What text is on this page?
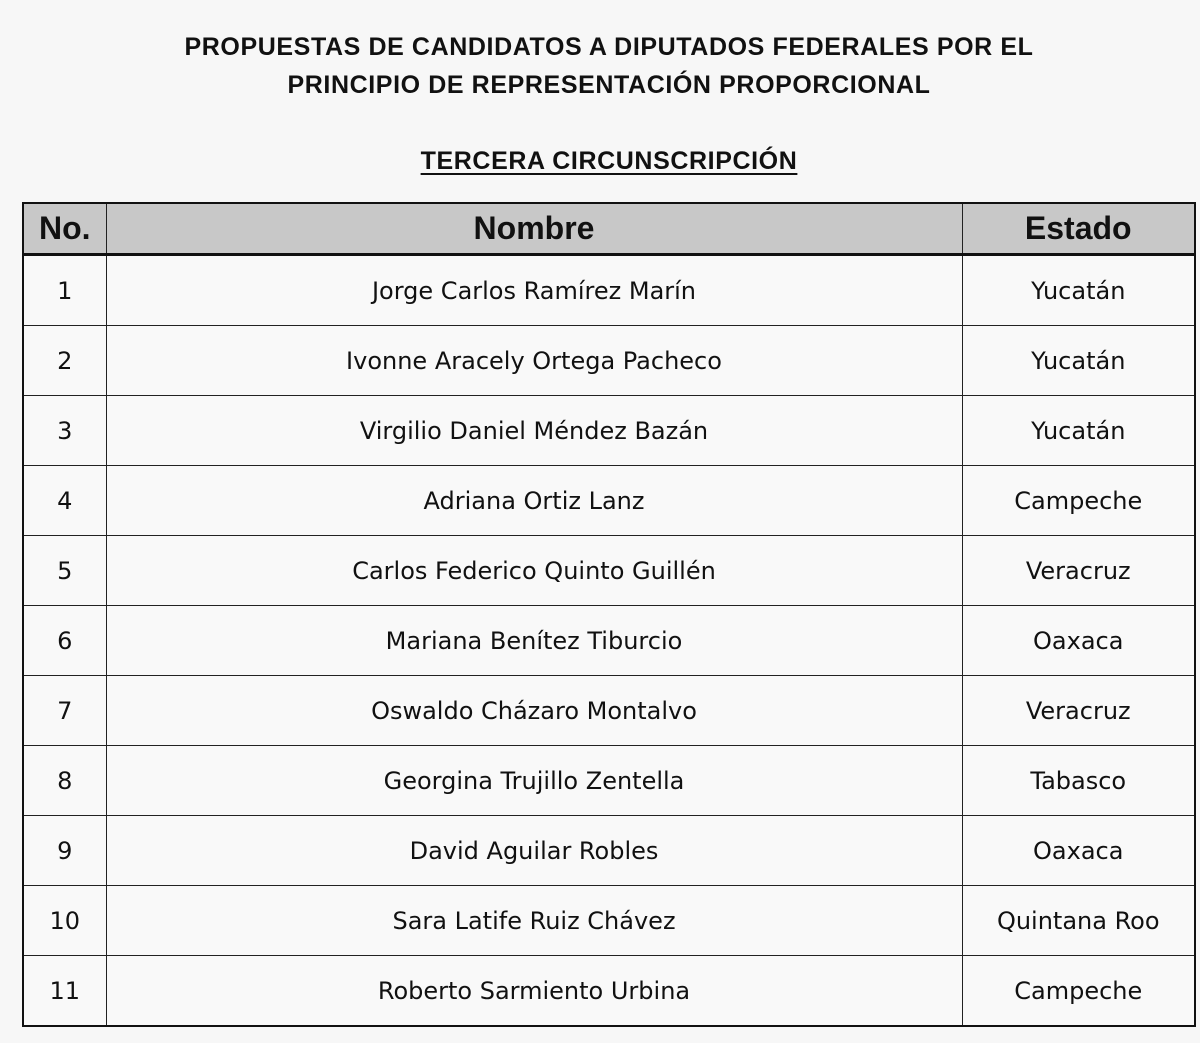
PROPUESTAS DE CANDIDATOS A DIPUTADOS FEDERALES POR EL
PRINCIPIO DE REPRESENTACIÓN PROPORCIONAL
TERCERA CIRCUNSCRIPCIÓN
No.	Nombre	Estado
1	Jorge Carlos Ramírez Marín	Yucatán
2	Ivonne Aracely Ortega Pacheco	Yucatán
3	Virgilio Daniel Méndez Bazán	Yucatán
4	Adriana Ortiz Lanz	Campeche
5	Carlos Federico Quinto Guillén	Veracruz
6	Mariana Benítez Tiburcio	Oaxaca
7	Oswaldo Cházaro Montalvo	Veracruz
8	Georgina Trujillo Zentella	Tabasco
9	David Aguilar Robles	Oaxaca
10	Sara Latife Ruiz Chávez	Quintana Roo
11	Roberto Sarmiento Urbina	Campeche
